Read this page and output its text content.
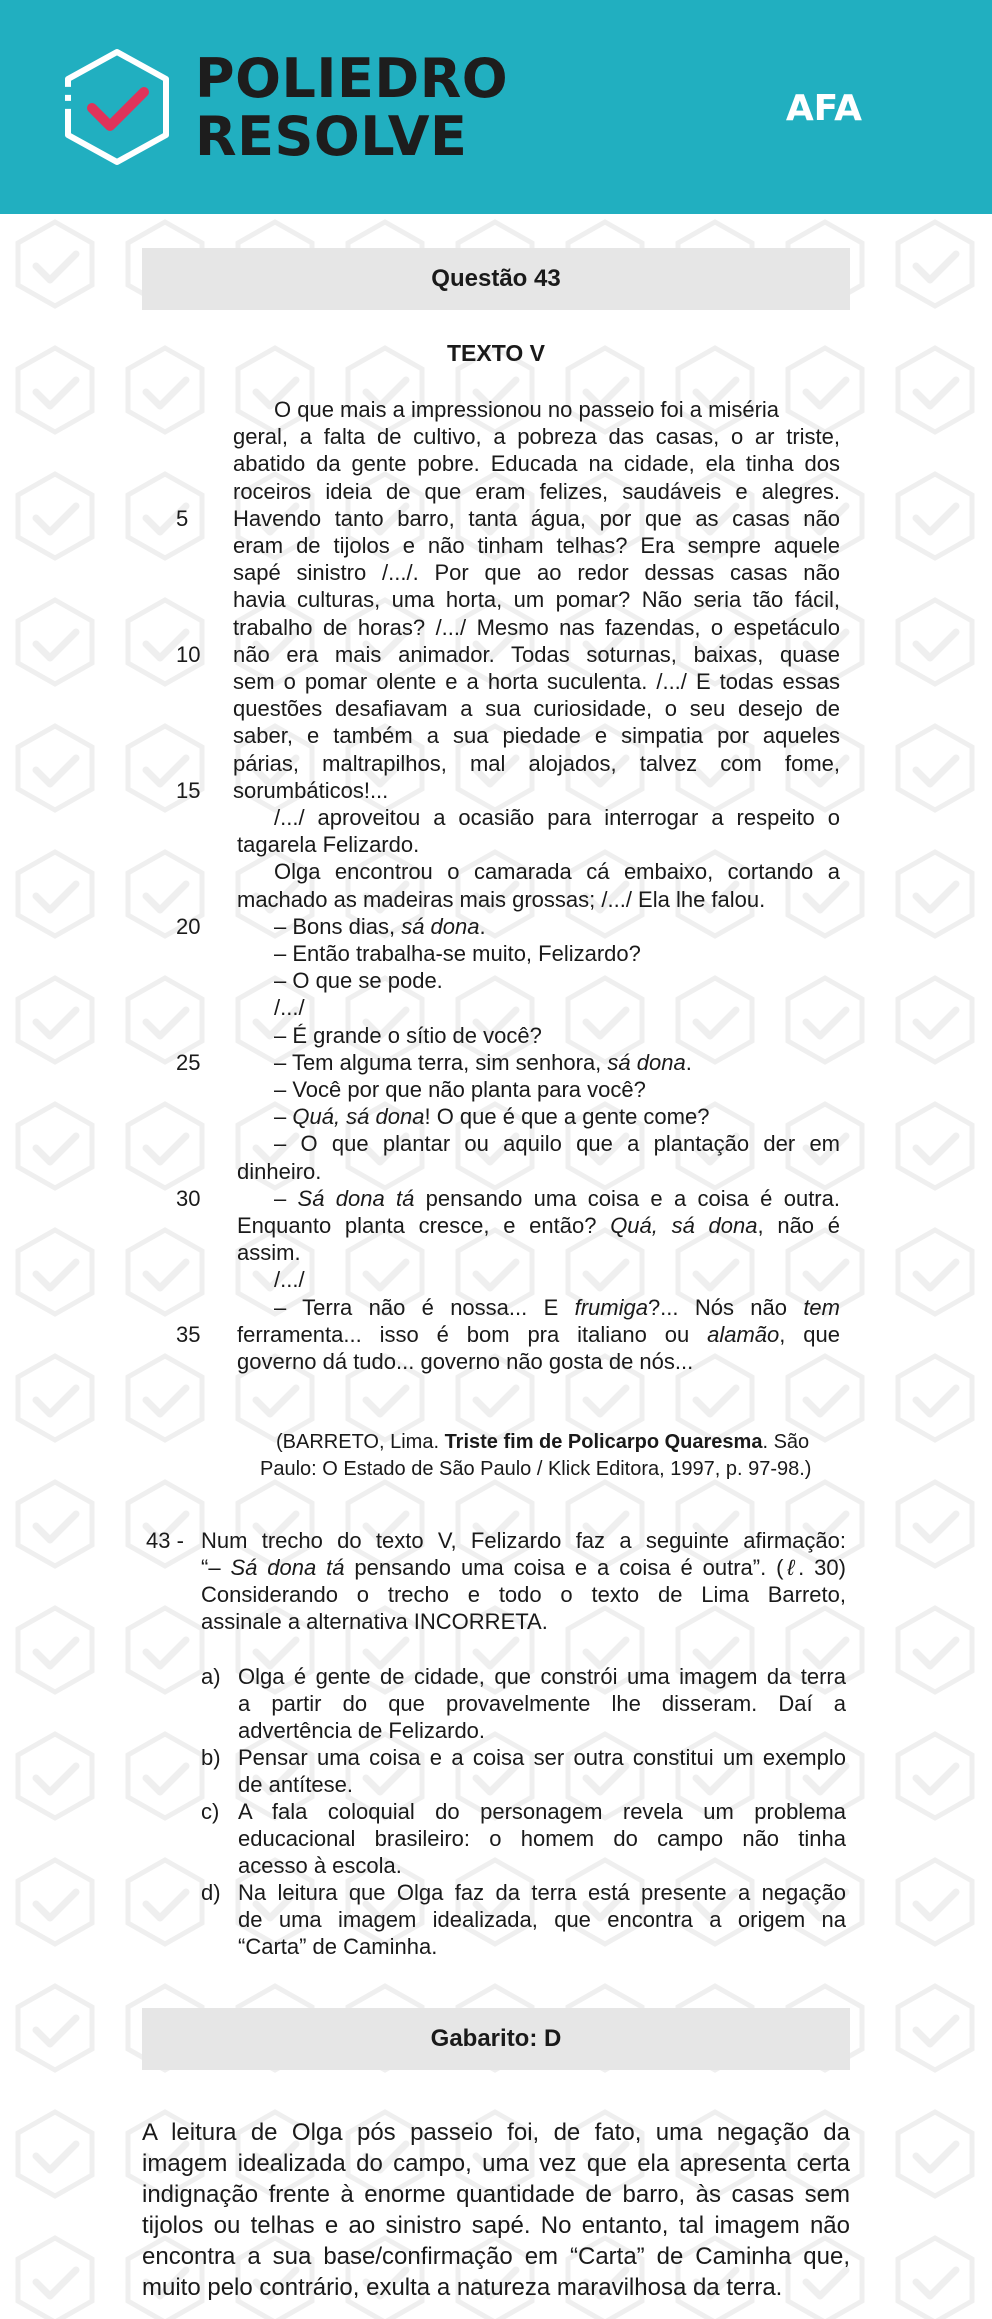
POLIEDRO
RESOLVE	AFA
Questão 43
TEXTO V
O que mais a impressionou no passeio foi a miséria
geral, a falta de cultivo, a pobreza das casas, o ar triste,
abatido da gente pobre. Educada na cidade, ela tinha dos
roceiros ideia de que eram felizes, saudáveis e alegres.
5 Havendo tanto barro, tanta água, por que as casas não
eram de tijolos e não tinham telhas? Era sempre aquele
sapé sinistro /.../. Por que ao redor dessas casas não
havia culturas, uma horta, um pomar? Não seria tão fácil,
trabalho de horas? /.../ Mesmo nas fazendas, o espetáculo
10 não era mais animador. Todas soturnas, baixas, quase
sem o pomar olente e a horta suculenta. /.../ E todas essas
questões desafiavam a sua curiosidade, o seu desejo de
saber, e também a sua piedade e simpatia por aqueles
párias, maltrapilhos, mal alojados, talvez com fome,
15 sorumbáticos!...
/.../ aproveitou a ocasião para interrogar a respeito o
tagarela Felizardo.
Olga encontrou o camarada cá embaixo, cortando a
machado as madeiras mais grossas; /.../ Ela lhe falou.
20	– Bons dias, sá dona.
– Então trabalha-se muito, Felizardo?
– O que se pode.
/.../
– É grande o sítio de você?
25	– Tem alguma terra, sim senhora, sá dona.
– Você por que não planta para você?
– Quá, sá dona! O que é que a gente come?
– O que plantar ou aquilo que a plantação der em
dinheiro.
30	– Sá dona tá pensando uma coisa e a coisa é outra.
Enquanto planta cresce, e então? Quá, sá dona, não é
assim.
/.../
– Terra não é nossa... E frumiga?... Nós não tem
35 ferramenta... isso é bom pra italiano ou alamão, que
governo dá tudo... governo não gosta de nós...
(BARRETO, Lima. Triste fim de Policarpo Quaresma. São
Paulo: O Estado de São Paulo / Klick Editora, 1997, p. 97-98.)
43 - Num trecho do texto V, Felizardo faz a seguinte afirmação:
“– Sá dona tá pensando uma coisa e a coisa é outra”. (ℓ. 30)
Considerando o trecho e todo o texto de Lima Barreto,
assinale a alternativa INCORRETA.
a) Olga é gente de cidade, que constrói uma imagem da terra
a partir do que provavelmente lhe disseram. Daí a
advertência de Felizardo.
b) Pensar uma coisa e a coisa ser outra constitui um exemplo
de antítese.
c) A fala coloquial do personagem revela um problema
educacional brasileiro: o homem do campo não tinha
acesso à escola.
d) Na leitura que Olga faz da terra está presente a negação
de uma imagem idealizada, que encontra a origem na
“Carta” de Caminha.
Gabarito: D
A leitura de Olga pós passeio foi, de fato, uma negação da
imagem idealizada do campo, uma vez que ela apresenta certa
indignação frente à enorme quantidade de barro, às casas sem
tijolos ou telhas e ao sinistro sapé. No entanto, tal imagem não
encontra a sua base/confirmação em “Carta” de Caminha que,
muito pelo contrário, exulta a natureza maravilhosa da terra.
